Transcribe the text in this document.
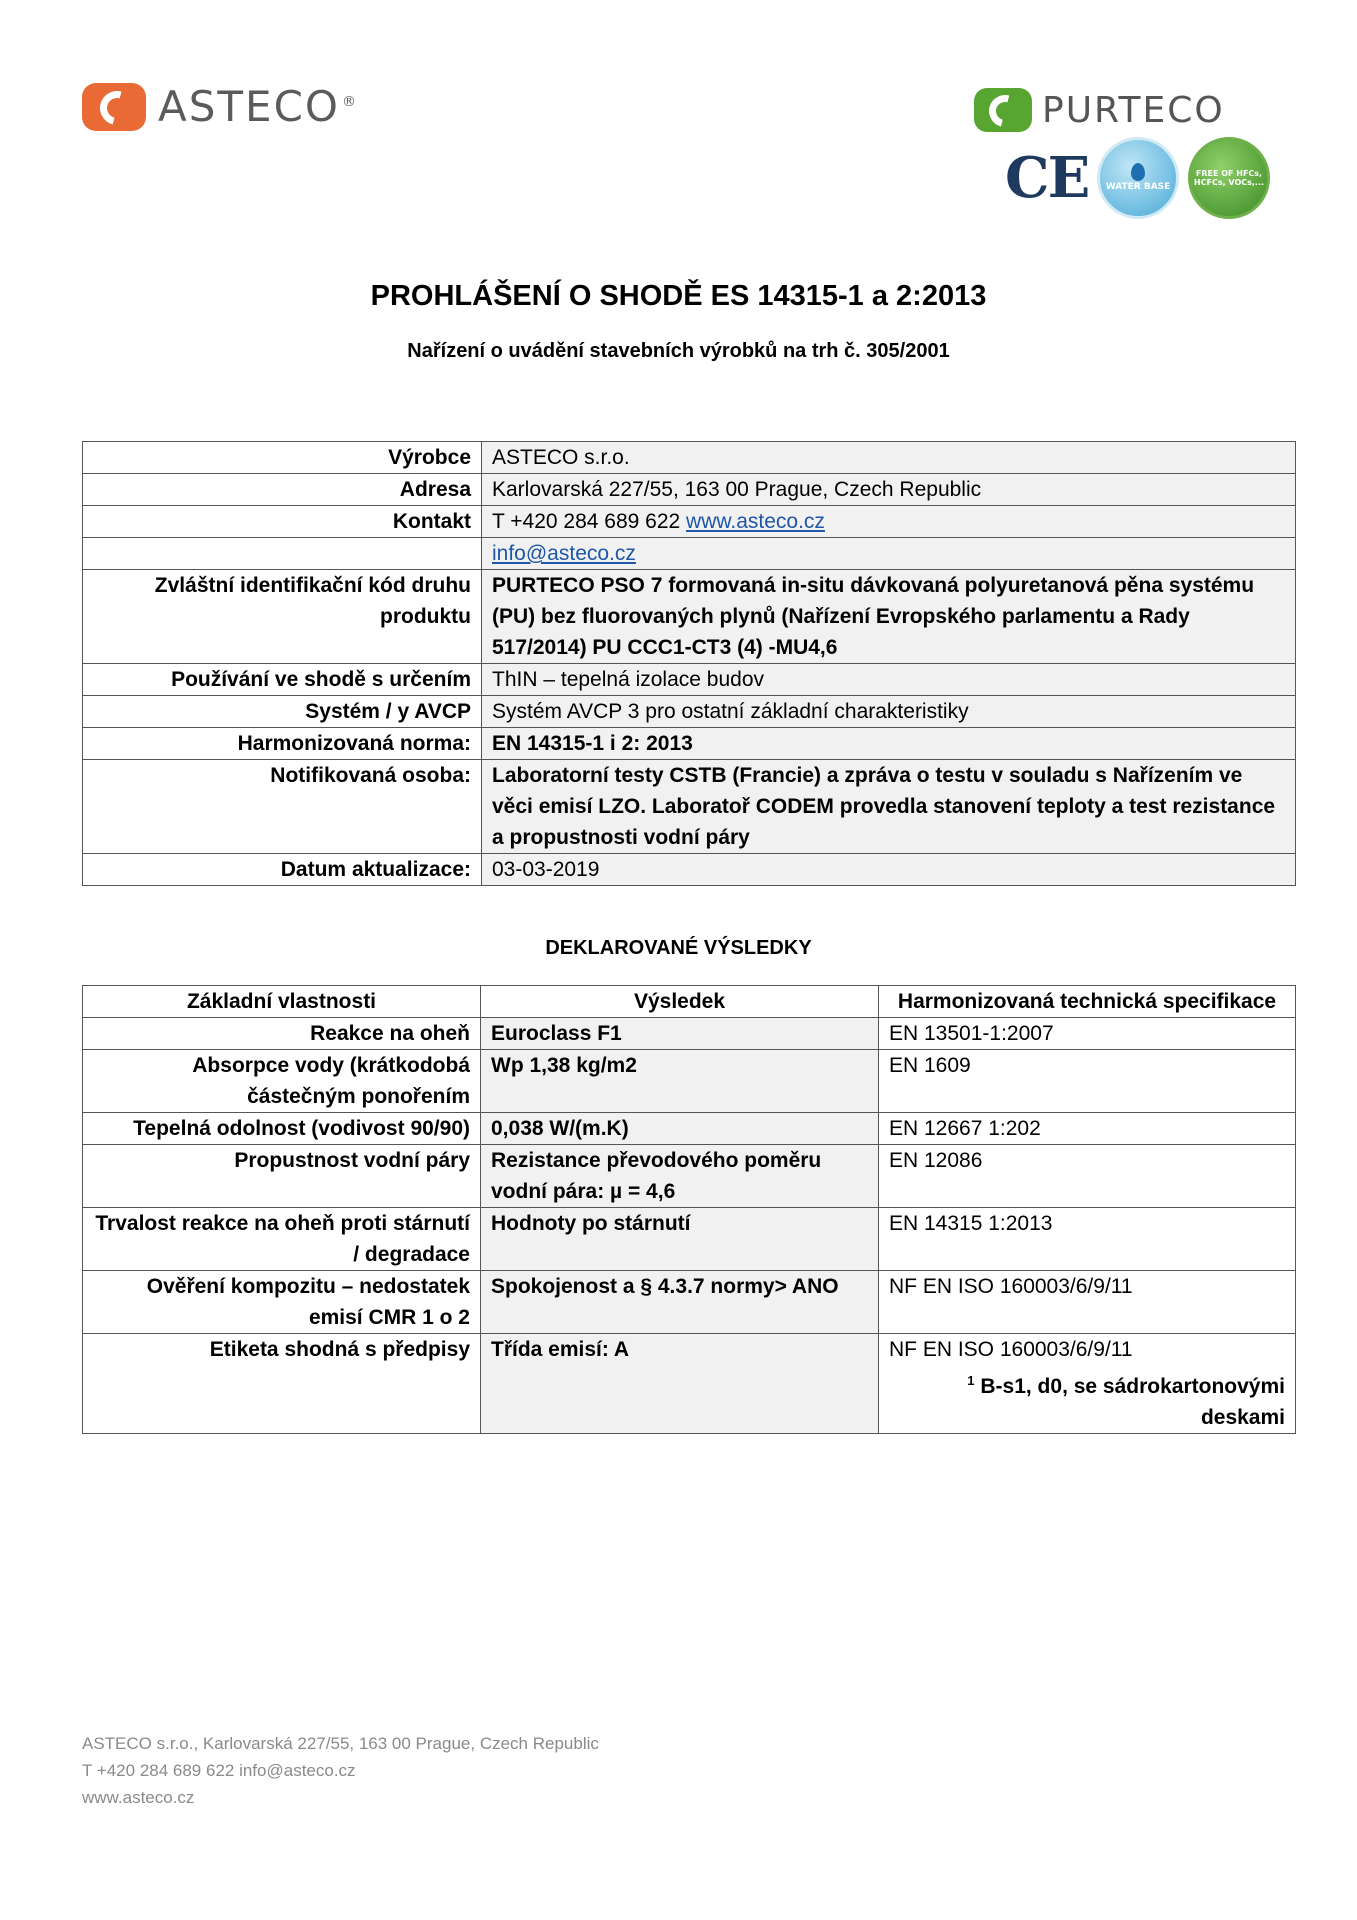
ASTECO ®	PURTECO
CE WATER BASE
FREE OF HFCs, HCFCs, VOCs,...
PROHLÁŠENÍ O SHODĚ ES 14315-1 a 2:2013
Nařízení o uvádění stavebních výrobků na trh č. 305/2001
Výrobce	ASTECO s.r.o.
Adresa	Karlovarská 227/55, 163 00 Prague, Czech Republic
Kontakt	T +420 284 689 622 www.asteco.cz
	info@asteco.cz
Zvláštní identifikační kód druhu produktu	PURTECO PSO 7 formovaná in-situ dávkovaná polyuretanová pěna systému (PU) bez fluorovaných plynů (Nařízení Evropského parlamentu a Rady 517/2014) PU CCC1-CT3 (4) -MU4,6
Používání ve shodě s určením	ThIN – tepelná izolace budov
Systém / y AVCP	Systém AVCP 3 pro ostatní základní charakteristiky
Harmonizovaná norma:	EN 14315-1 i 2: 2013
Notifikovaná osoba:	Laboratorní testy CSTB (Francie) a zpráva o testu v souladu s Nařízením ve věci emisí LZO. Laboratoř CODEM provedla stanovení teploty a test rezistance a propustnosti vodní páry
Datum aktualizace:	03-03-2019
DEKLAROVANÉ VÝSLEDKY
Základní vlastnosti	Výsledek	Harmonizovaná technická specifikace
Reakce na oheň	Euroclass F1	EN 13501-1:2007
Absorpce vody (krátkodobá částečným ponořením	Wp 1,38 kg/m2	EN 1609
Tepelná odolnost (vodivost 90/90)	0,038 W/(m.K)	EN 12667 1:202
Propustnost vodní páry	Rezistance převodového poměru vodní pára: µ = 4,6	EN 12086
Trvalost reakce na oheň proti stárnutí / degradace	Hodnoty po stárnutí	EN 14315 1:2013
Ověření kompozitu – nedostatek emisí CMR 1 o 2	Spokojenost a § 4.3.7 normy> ANO	NF EN ISO 160003/6/9/11
Etiketa shodná s předpisy	Třída emisí: A	NF EN ISO 160003/6/9/11
$^1$ B-s1, d0, se sádrokartonovými deskami
ASTECO s.r.o., Karlovarská 227/55, 163 00 Prague, Czech Republic
T +420 284 689 622 info@asteco.cz
www.asteco.cz
